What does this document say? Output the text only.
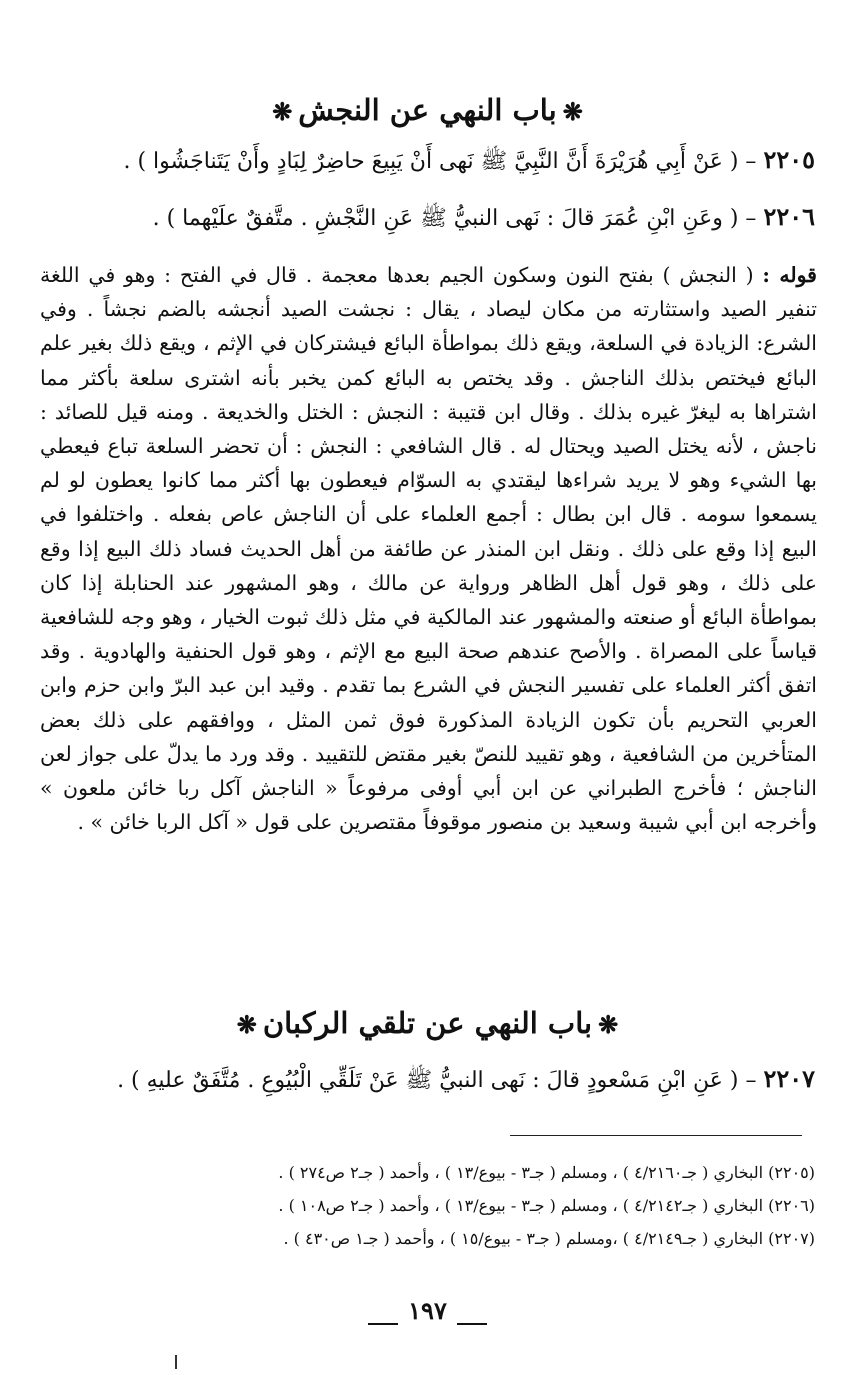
❋باب النهي عن النجش❋
٢٢٠٥ – ( عَنْ أَبِي هُرَيْرَةَ أَنَّ النَّبِيَّ ﷺ نَهى أَنْ يَبِيعَ حاضِرٌ لِبَادٍ وأَنْ يَتَناجَشُوا ) .
٢٢٠٦ – ( وعَنِ ابْنِ عُمَرَ قالَ : نَهى النبيُّ ﷺ عَنِ النَّجْشِ . متَّفقٌ علَيْهما ) .
قوله : ( النجش ) بفتح النون وسكون الجيم بعدها معجمة . قال في الفتح : وهو في اللغة تنفير الصيد واستثارته من مكان ليصاد ، يقال : نجشت الصيد أنجشه بالضم نجشاً . وفي الشرع: الزيادة في السلعة، ويقع ذلك بمواطأة البائع فيشتركان في الإثم ، ويقع ذلك بغير علم البائع فيختص بذلك الناجش . وقد يختص به البائع كمن يخبر بأنه اشترى سلعة بأكثر مما اشتراها به ليغرّ غيره بذلك . وقال ابن قتيبة : النجش : الختل والخديعة . ومنه قيل للصائد : ناجش ، لأنه يختل الصيد ويحتال له . قال الشافعي : النجش : أن تحضر السلعة تباع فيعطي بها الشيء وهو لا يريد شراءها ليقتدي به السوّام فيعطون بها أكثر مما كانوا يعطون لو لم يسمعوا سومه . قال ابن بطال : أجمع العلماء على أن الناجش عاص بفعله . واختلفوا في البيع إذا وقع على ذلك . ونقل ابن المنذر عن طائفة من أهل الحديث فساد ذلك البيع إذا وقع على ذلك ، وهو قول أهل الظاهر ورواية عن مالك ، وهو المشهور عند الحنابلة إذا كان بمواطأة البائع أو صنعته والمشهور عند المالكية في مثل ذلك ثبوت الخيار ، وهو وجه للشافعية قياساً على المصراة . والأصح عندهم صحة البيع مع الإثم ، وهو قول الحنفية والهادوية . وقد اتفق أكثر العلماء على تفسير النجش في الشرع بما تقدم . وقيد ابن عبد البرّ وابن حزم وابن العربي التحريم بأن تكون الزيادة المذكورة فوق ثمن المثل ، ووافقهم على ذلك بعض المتأخرين من الشافعية ، وهو تقييد للنصّ بغير مقتض للتقييد . وقد ورد ما يدلّ على جواز لعن الناجش ؛ فأخرج الطبراني عن ابن أبي أوفى مرفوعاً « الناجش آكل ربا خائن ملعون » وأخرجه ابن أبي شيبة وسعيد بن منصور موقوفاً مقتصرين على قول « آكل الربا خائن » .
❋باب النهي عن تلقي الركبان❋
٢٢٠٧ – ( عَنِ ابْنِ مَسْعودٍ قالَ : نَهى النبيُّ ﷺ عَنْ تَلَقِّي الْبُيُوعِ . مُتَّفَقٌ عليهِ ) .
(٢٢٠٥) البخاري ( جـ٤/٢١٦٠ ) ، ومسلم ( جـ٣ - بيوع/١٣ ) ، وأحمد ( جـ٢ ص٢٧٤ ) .
(٢٢٠٦) البخاري ( جـ٤/٢١٤٢ ) ، ومسلم ( جـ٣ - بيوع/١٣ ) ، وأحمد ( جـ٢ ص١٠٨ ) .
(٢٢٠٧) البخاري ( جـ٤/٢١٤٩ ) ،ومسلم ( جـ٣ - بيوع/١٥ ) ، وأحمد ( جـ١ ص٤٣٠ ) .
١٩٧
